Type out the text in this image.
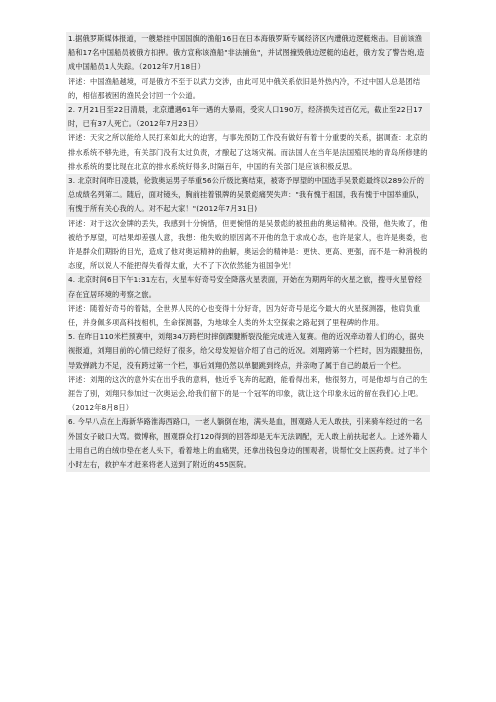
1.据俄罗斯媒体报道，一艘悬挂中国国旗的渔船16日在日本海俄罗斯专属经济区内遭俄边逻艇炮击。目前该渔船和17名中国船员被俄方扣押。俄方宣称该渔船"非法捕鱼"，并试图撞毁俄边逻艇的追赶，俄方发了警告炮,造成中国船员1人失踪。（2012年7月18日）

评述：中国渔船越境，可是俄方不至于以武力交涉，由此可见中俄关系依旧是外热内冷，不过中国人总是团结的，相信那被困的渔民会讨回一个公道。

2. 7月21日至22日清晨，北京遭遇61年一遇的大暴雨，受灾人口190万，经济损失过百亿元，截止至22日17时，已有37人死亡。（2012年7月23日）

评述：天灾之所以能给人民打来如此大的迫害，与事先预防工作没有做好有着十分重要的关系，据调查：北京的排水系统不够先进，有关部门没有太过负责，才酿起了这场灾祸。而法国人在当年是法国殖民地的青岛所修建的排水系统的要比现在北京的排水系统好得多,时隔百年，中国的有关部门是应该积极反思。

3. 北京时间昨日凌晨，伦敦奥运男子举重56公斤级比赛结束，被寄予厚望的中国选手吴景彪最终以289公斤的总成绩名列第二。随后，面对镜头，胸前挂着银牌的吴景彪痛哭失声："我有愧于祖国，我有愧于中国举重队，有愧于所有关心我的人。对不起大家！"(2012年7月31日)

评述：对于这次金牌的丢失，我感到十分惋惜，但更惋惜的是吴景彪的被扭曲的奥运精神。没错，他失败了，他被给予厚望，可结果却差强人意，我想：他失败的原因离不开他的急于求成心态，也许是家人，也许是奥委，也许是群众们期盼的目光，造成了他对奥运精神的曲解，奥运会的精神是：更快、更高、更强，而不是一种消极的态度，所以说人不能把得失看得太重，大不了下次依然能为祖国争光！

4. 北京时间6日下午1:31左右，火星车好奇号安全降落火星表面，开始在为期两年的火星之旅，搜寻火星曾经存在宜居环境的考察之旅。

评述：随着好奇号的着陆，全世界人民的心也变得十分好奇，因为好奇号是迄今最大的火星探测器，他肩负重任，并身佩多项高科技相机，生命探测器，为地球全人类的外太空探索之路起到了里程碑的作用。

5. 在昨日110米栏预赛中，刘翔34万跨栏时摔倒踝腱断裂没能完成进入复赛。他的近况牵动着人们的心，据央视报道，刘翔目前的心情已经好了很多，给父母发短信介绍了自己的近况。刘翔跨第一个栏时，因为跟腱扭伤，导致弹跳力不足，没有跨过第一个栏，事后刘翔仍然以单腿跳到终点，并亲吻了属于自己的最后一个栏。

评述：刘翔的这次的意外实在出乎我的意料，他近乎飞奔的起跑，能看得出来，他很努力，可是他却与自己的生涯告了别，刘翔只参加过一次奥运会,给我们留下的是一个冠军的印象，就让这个印象永远的留在我们心上吧。（2012年8月8日）

6. 今早八点在上海新华路淮海西路口，一老人躺倒在地，满头是血，围观路人无人敢扶，引来骑车经过的一名外国女子破口大骂。微博称，围观群众打120得到的回答却是无车无法调配，无人敢上前扶起老人。上述外籍人士用自己的白绒巾垫在老人头下，看着地上的血痛哭，还拿出钱包身边的围观者，说帮忙交上医药费。过了半个小时左右，救护车才赶来将老人送到了附近的455医院。
